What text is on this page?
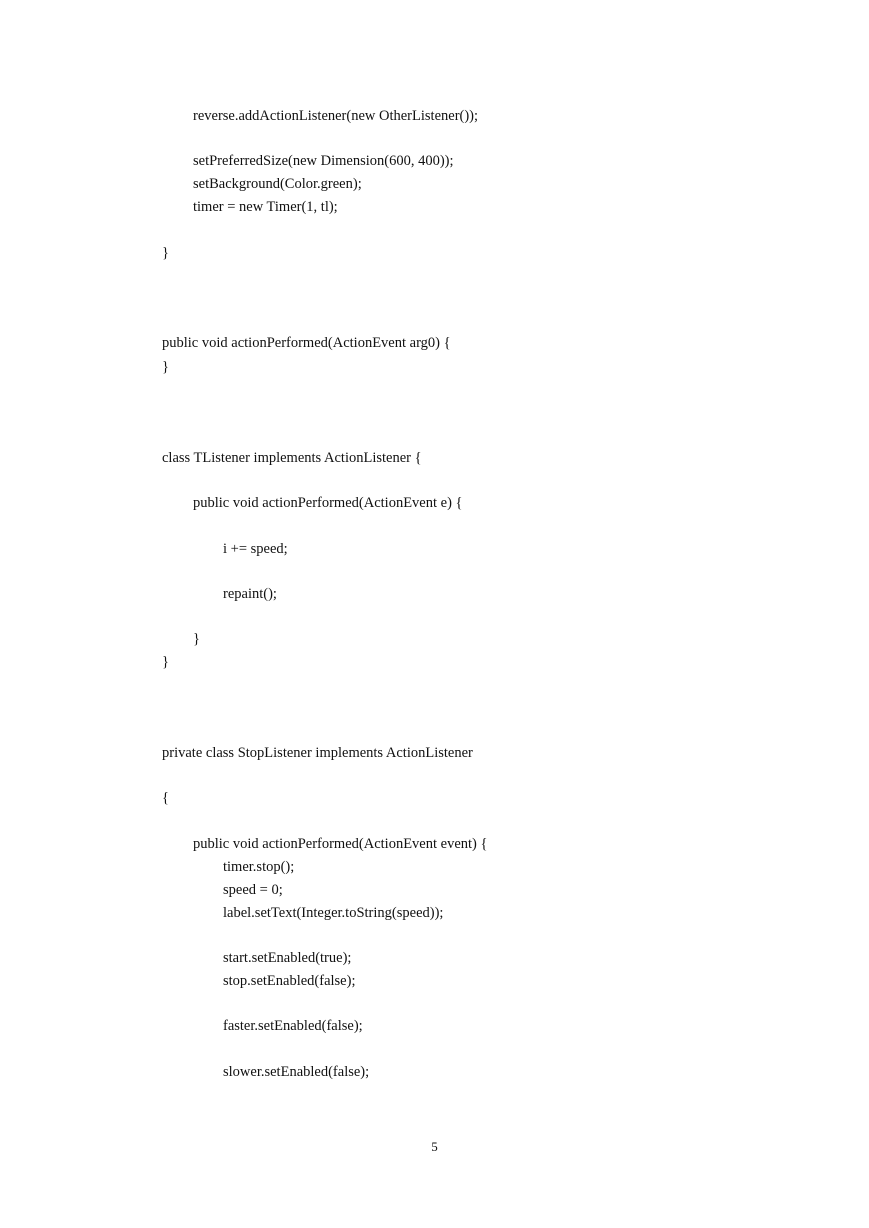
reverse.addActionListener(new OtherListener());
setPreferredSize(new Dimension(600, 400));
setBackground(Color.green);
timer = new Timer(1, tl);
}
public void actionPerformed(ActionEvent arg0) {
}
class TListener implements ActionListener {
public void actionPerformed(ActionEvent e) {
i += speed;
repaint();
}
}
private class StopListener implements ActionListener
{
public void actionPerformed(ActionEvent event) {
timer.stop();
speed = 0;
label.setText(Integer.toString(speed));
start.setEnabled(true);
stop.setEnabled(false);
faster.setEnabled(false);
slower.setEnabled(false);
5
